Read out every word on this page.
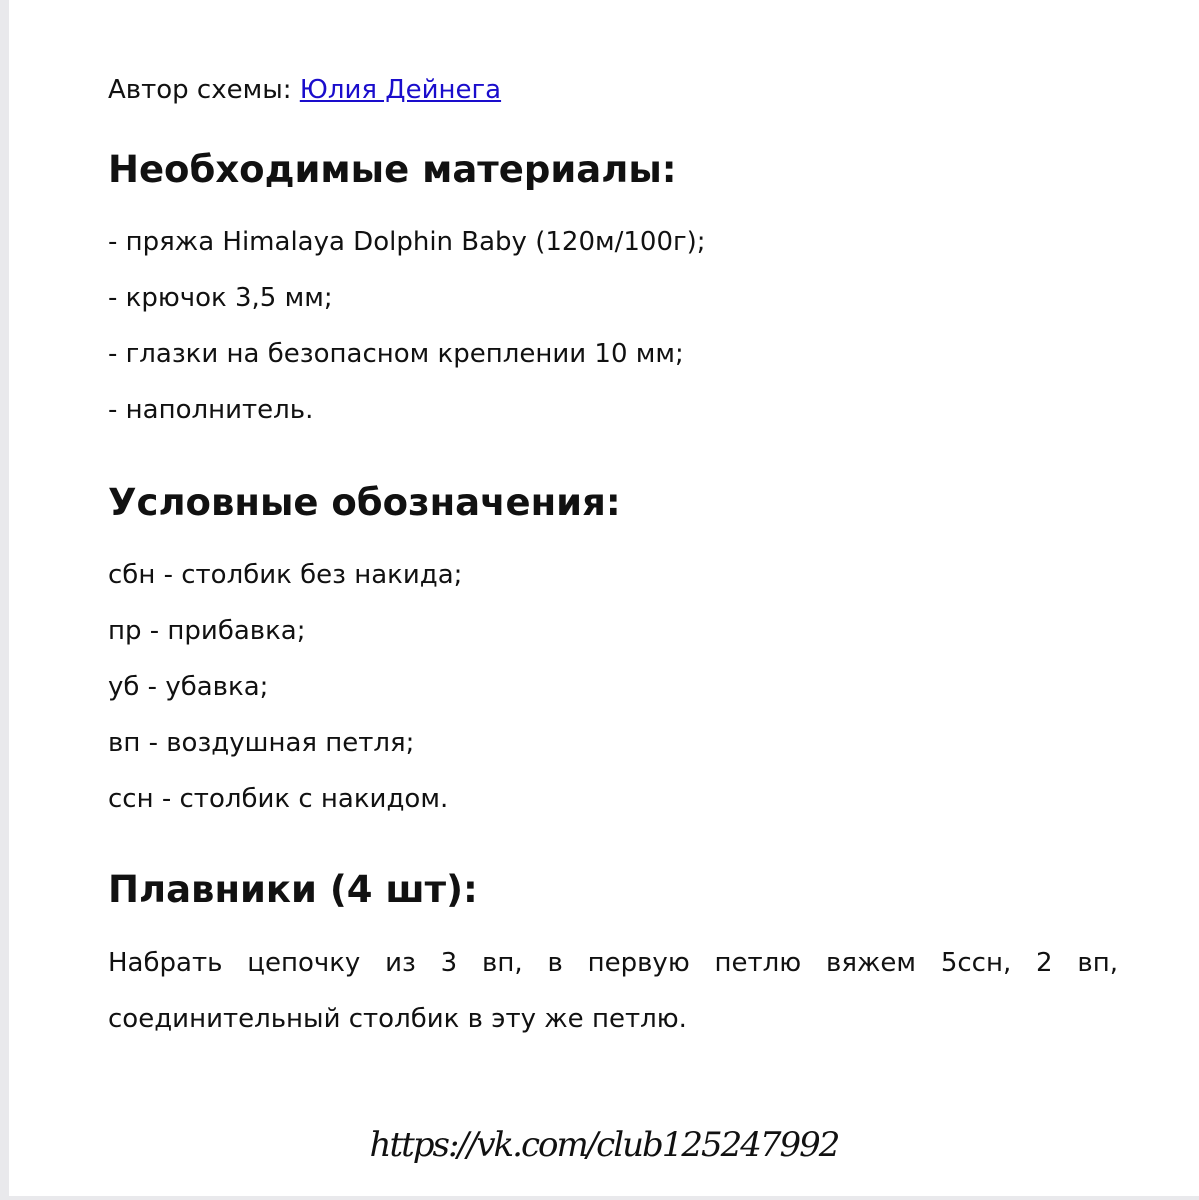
Автор схемы: Юлия Дейнега
Необходимые материалы:
- пряжа Himalaya Dolphin Baby (120м/100г);
- крючок 3,5 мм;
- глазки на безопасном креплении 10 мм;
- наполнитель.
Условные обозначения:
сбн - столбик без накида;
пр - прибавка;
уб - убавка;
вп - воздушная петля;
ссн - столбик с накидом.
Плавники (4 шт):
Набрать цепочку из 3 вп, в первую петлю вяжем 5ссн, 2 вп, соединительный столбик в эту же петлю.
https://vk.com/club125247992
